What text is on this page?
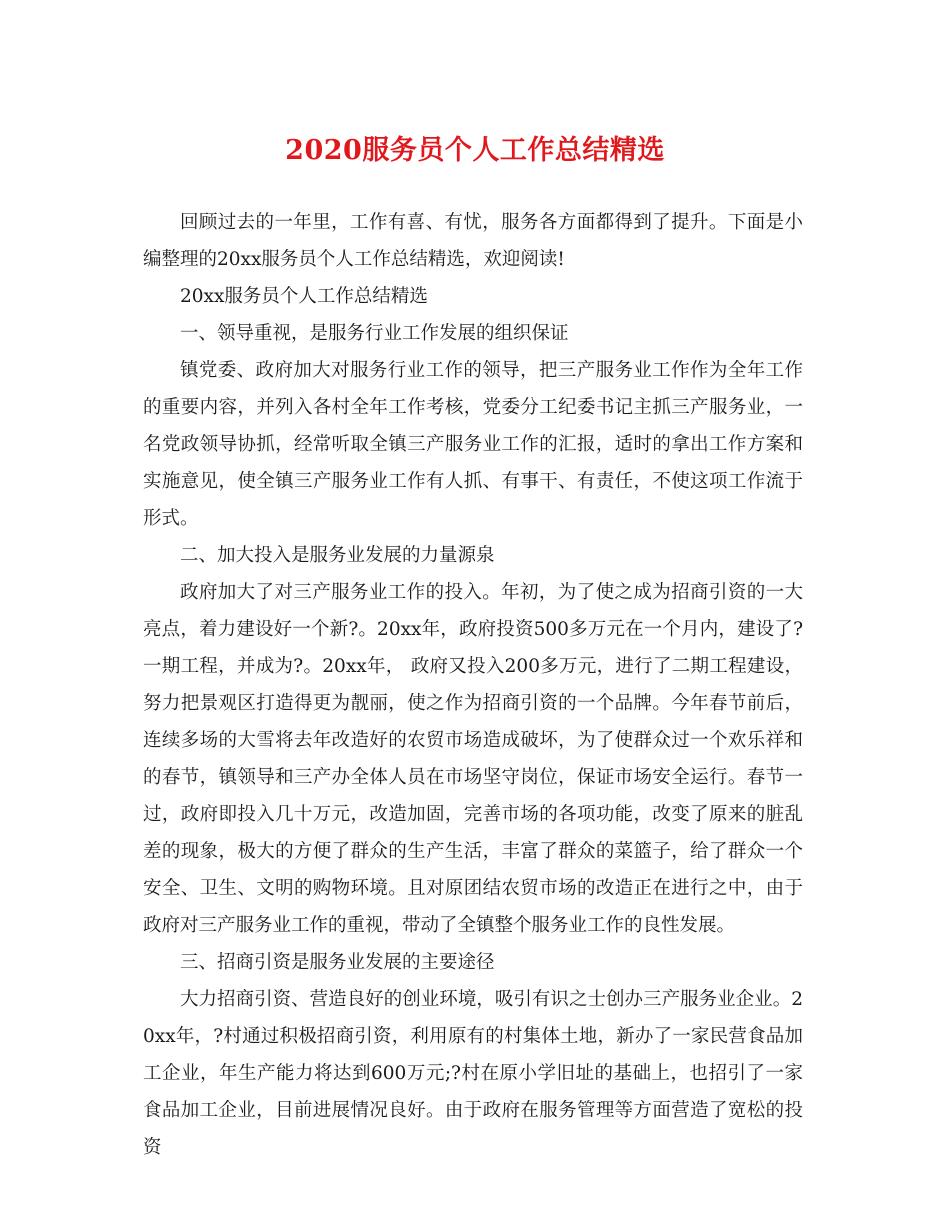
2020服务员个人工作总结精选

回顾过去的一年里，工作有喜、有忧，服务各方面都得到了提升。下面是小编整理的20xx服务员个人工作总结精选，欢迎阅读!

20xx服务员个人工作总结精选

一、领导重视，是服务行业工作发展的组织保证

镇党委、政府加大对服务行业工作的领导，把三产服务业工作作为全年工作的重要内容，并列入各村全年工作考核，党委分工纪委书记主抓三产服务业，一名党政领导协抓，经常听取全镇三产服务业工作的汇报，适时的拿出工作方案和实施意见，使全镇三产服务业工作有人抓、有事干、有责任，不使这项工作流于形式。

二、加大投入是服务业发展的力量源泉

政府加大了对三产服务业工作的投入。年初，为了使之成为招商引资的一大亮点，着力建设好一个新?。20xx年，政府投资500多万元在一个月内，建设了?一期工程，并成为?。20xx年， 政府又投入200多万元，进行了二期工程建设，努力把景观区打造得更为靓丽，使之作为招商引资的一个品牌。今年春节前后，连续多场的大雪将去年改造好的农贸市场造成破坏，为了使群众过一个欢乐祥和的春节，镇领导和三产办全体人员在市场坚守岗位，保证市场安全运行。春节一过，政府即投入几十万元，改造加固，完善市场的各项功能，改变了原来的脏乱差的现象，极大的方便了群众的生产生活，丰富了群众的菜篮子，给了群众一个安全、卫生、文明的购物环境。且对原团结农贸市场的改造正在进行之中，由于政府对三产服务业工作的重视，带动了全镇整个服务业工作的良性发展。

三、招商引资是服务业发展的主要途径

大力招商引资、营造良好的创业环境，吸引有识之士创办三产服务业企业。20xx年，?村通过积极招商引资，利用原有的村集体土地，新办了一家民营食品加工企业，年生产能力将达到600万元;?村在原小学旧址的基础上，也招引了一家食品加工企业，目前进展情况良好。由于政府在服务管理等方面营造了宽松的投资
